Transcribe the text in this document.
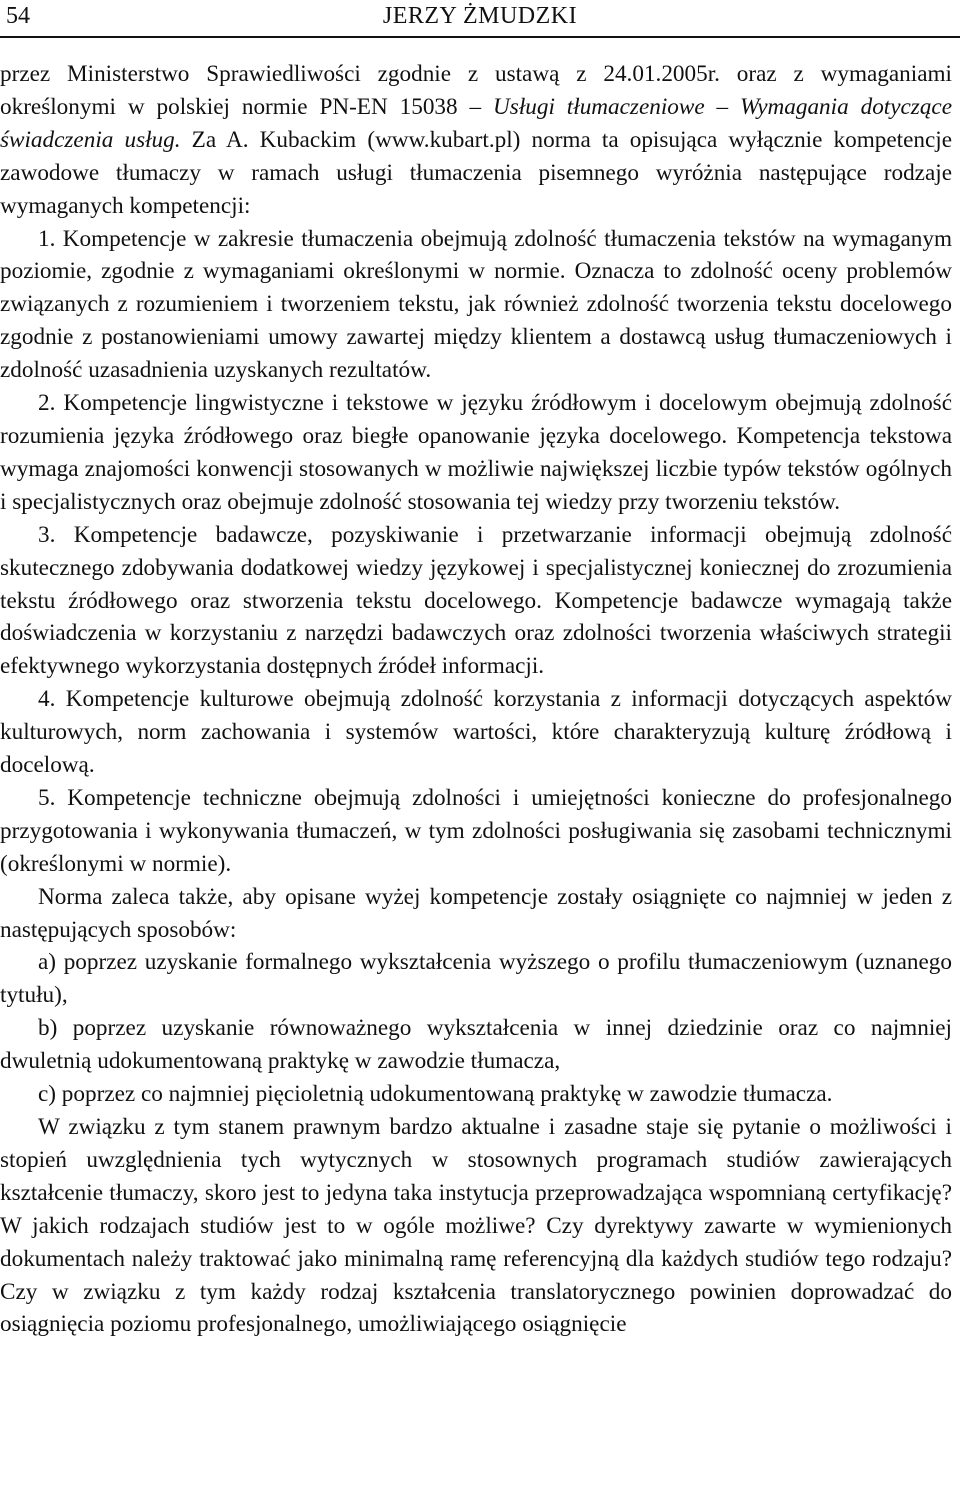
54	JERZY ŻMUDZKI

przez Ministerstwo Sprawiedliwości zgodnie z ustawą z 24.01.2005r. oraz z wymaganiami określonymi w polskiej normie PN-EN 15038 – Usługi tłumaczeniowe – Wymagania dotyczące świadczenia usług. Za A. Kubackim (www.kubart.pl) norma ta opisująca wyłącznie kompetencje zawodowe tłumaczy w ramach usługi tłumaczenia pisemnego wyróżnia następujące rodzaje wymaganych kompetencji:

1. Kompetencje w zakresie tłumaczenia obejmują zdolność tłumaczenia tekstów na wymaganym poziomie, zgodnie z wymaganiami określonymi w normie. Oznacza to zdolność oceny problemów związanych z rozumieniem i tworzeniem tekstu, jak również zdolność tworzenia tekstu docelowego zgodnie z postanowieniami umowy zawartej między klientem a dostawcą usług tłumaczeniowych i zdolność uzasadnienia uzyskanych rezultatów.

2. Kompetencje lingwistyczne i tekstowe w języku źródłowym i docelowym obejmują zdolność rozumienia języka źródłowego oraz biegłe opanowanie języka docelowego. Kompetencja tekstowa wymaga znajomości konwencji stosowanych w możliwie największej liczbie typów tekstów ogólnych i specjalistycznych oraz obejmuje zdolność stosowania tej wiedzy przy tworzeniu tekstów.

3. Kompetencje badawcze, pozyskiwanie i przetwarzanie informacji obejmują zdolność skutecznego zdobywania dodatkowej wiedzy językowej i specjalistycznej koniecznej do zrozumienia tekstu źródłowego oraz stworzenia tekstu docelowego. Kompetencje badawcze wymagają także doświadczenia w korzystaniu z narzędzi badawczych oraz zdolności tworzenia właściwych strategii efektywnego wykorzystania dostępnych źródeł informacji.

4. Kompetencje kulturowe obejmują zdolność korzystania z informacji dotyczących aspektów kulturowych, norm zachowania i systemów wartości, które charakteryzują kulturę źródłową i docelową.

5. Kompetencje techniczne obejmują zdolności i umiejętności konieczne do profesjonalnego przygotowania i wykonywania tłumaczeń, w tym zdolności posługiwania się zasobami technicznymi (określonymi w normie).

Norma zaleca także, aby opisane wyżej kompetencje zostały osiągnięte co najmniej w jeden z następujących sposobów:

a) poprzez uzyskanie formalnego wykształcenia wyższego o profilu tłumaczeniowym (uznanego tytułu),

b) poprzez uzyskanie równoważnego wykształcenia w innej dziedzinie oraz co najmniej dwuletnią udokumentowaną praktykę w zawodzie tłumacza,

c) poprzez co najmniej pięcioletnią udokumentowaną praktykę w zawodzie tłumacza.

W związku z tym stanem prawnym bardzo aktualne i zasadne staje się pytanie o możliwości i stopień uwzględnienia tych wytycznych w stosownych programach studiów zawierających kształcenie tłumaczy, skoro jest to jedyna taka instytucja przeprowadzająca wspomnianą certyfikację? W jakich rodzajach studiów jest to w ogóle możliwe? Czy dyrektywy zawarte w wymienionych dokumentach należy traktować jako minimalną ramę referencyjną dla każdych studiów tego rodzaju? Czy w związku z tym każdy rodzaj kształcenia translatorycznego powinien doprowadzać do osiągnięcia poziomu profesjonalnego, umożliwiającego osiągnięcie
